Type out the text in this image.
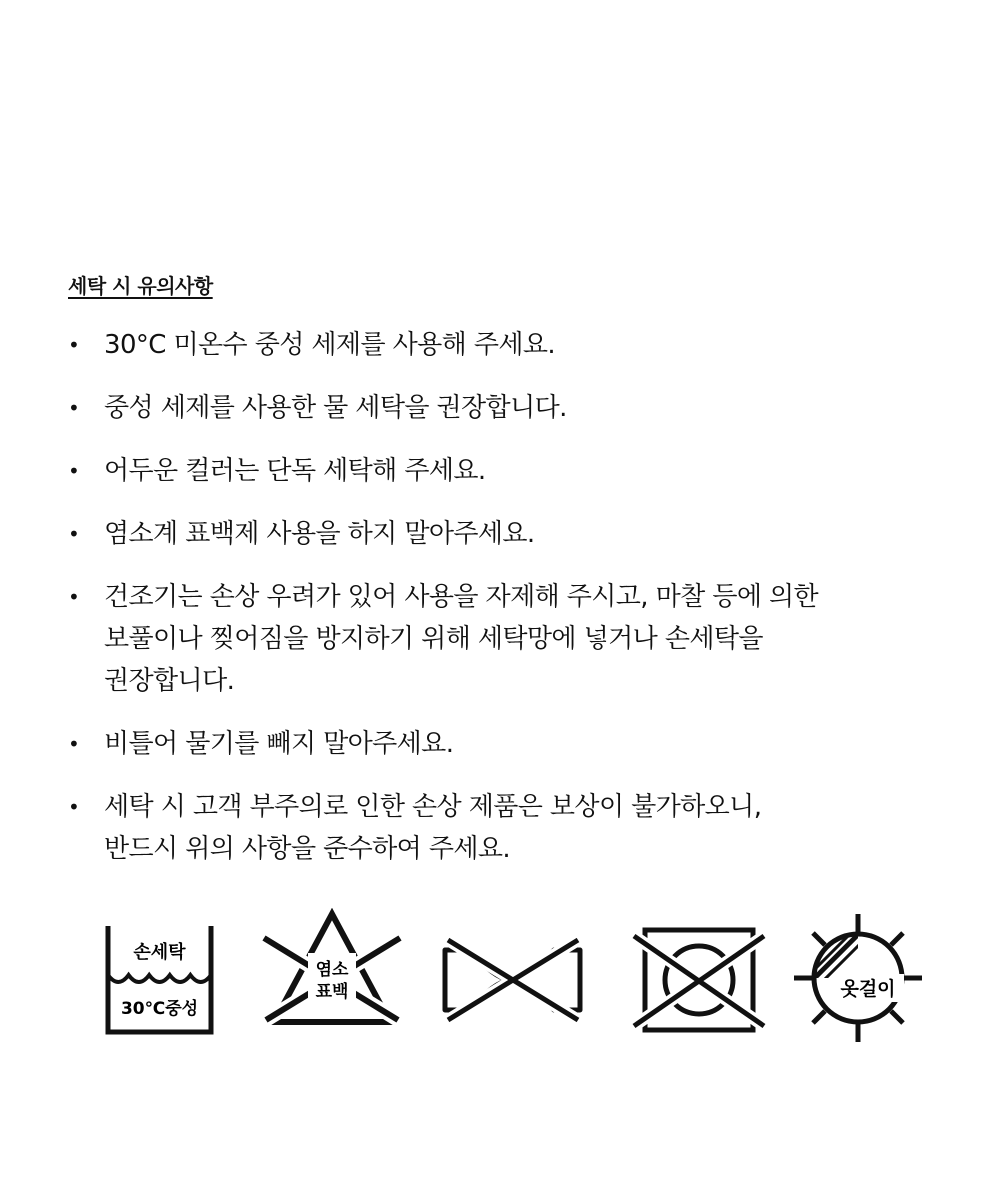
세탁 시 유의사항
• 30°C 미온수 중성 세제를 사용해 주세요.
• 중성 세제를 사용한 물 세탁을 권장합니다.
• 어두운 컬러는 단독 세탁해 주세요.
• 염소계 표백제 사용을 하지 말아주세요.
• 건조기는 손상 우려가 있어 사용을 자제해 주시고, 마찰 등에 의한
보풀이나 찢어짐을 방지하기 위해 세탁망에 넣거나 손세탁을
권장합니다.
• 비틀어 물기를 빼지 말아주세요.
• 세탁 시 고객 부주의로 인한 손상 제품은 보상이 불가하오니,
반드시 위의 사항을 준수하여 주세요.
손세탁
30℃중성
염소
표백	옷걸이
